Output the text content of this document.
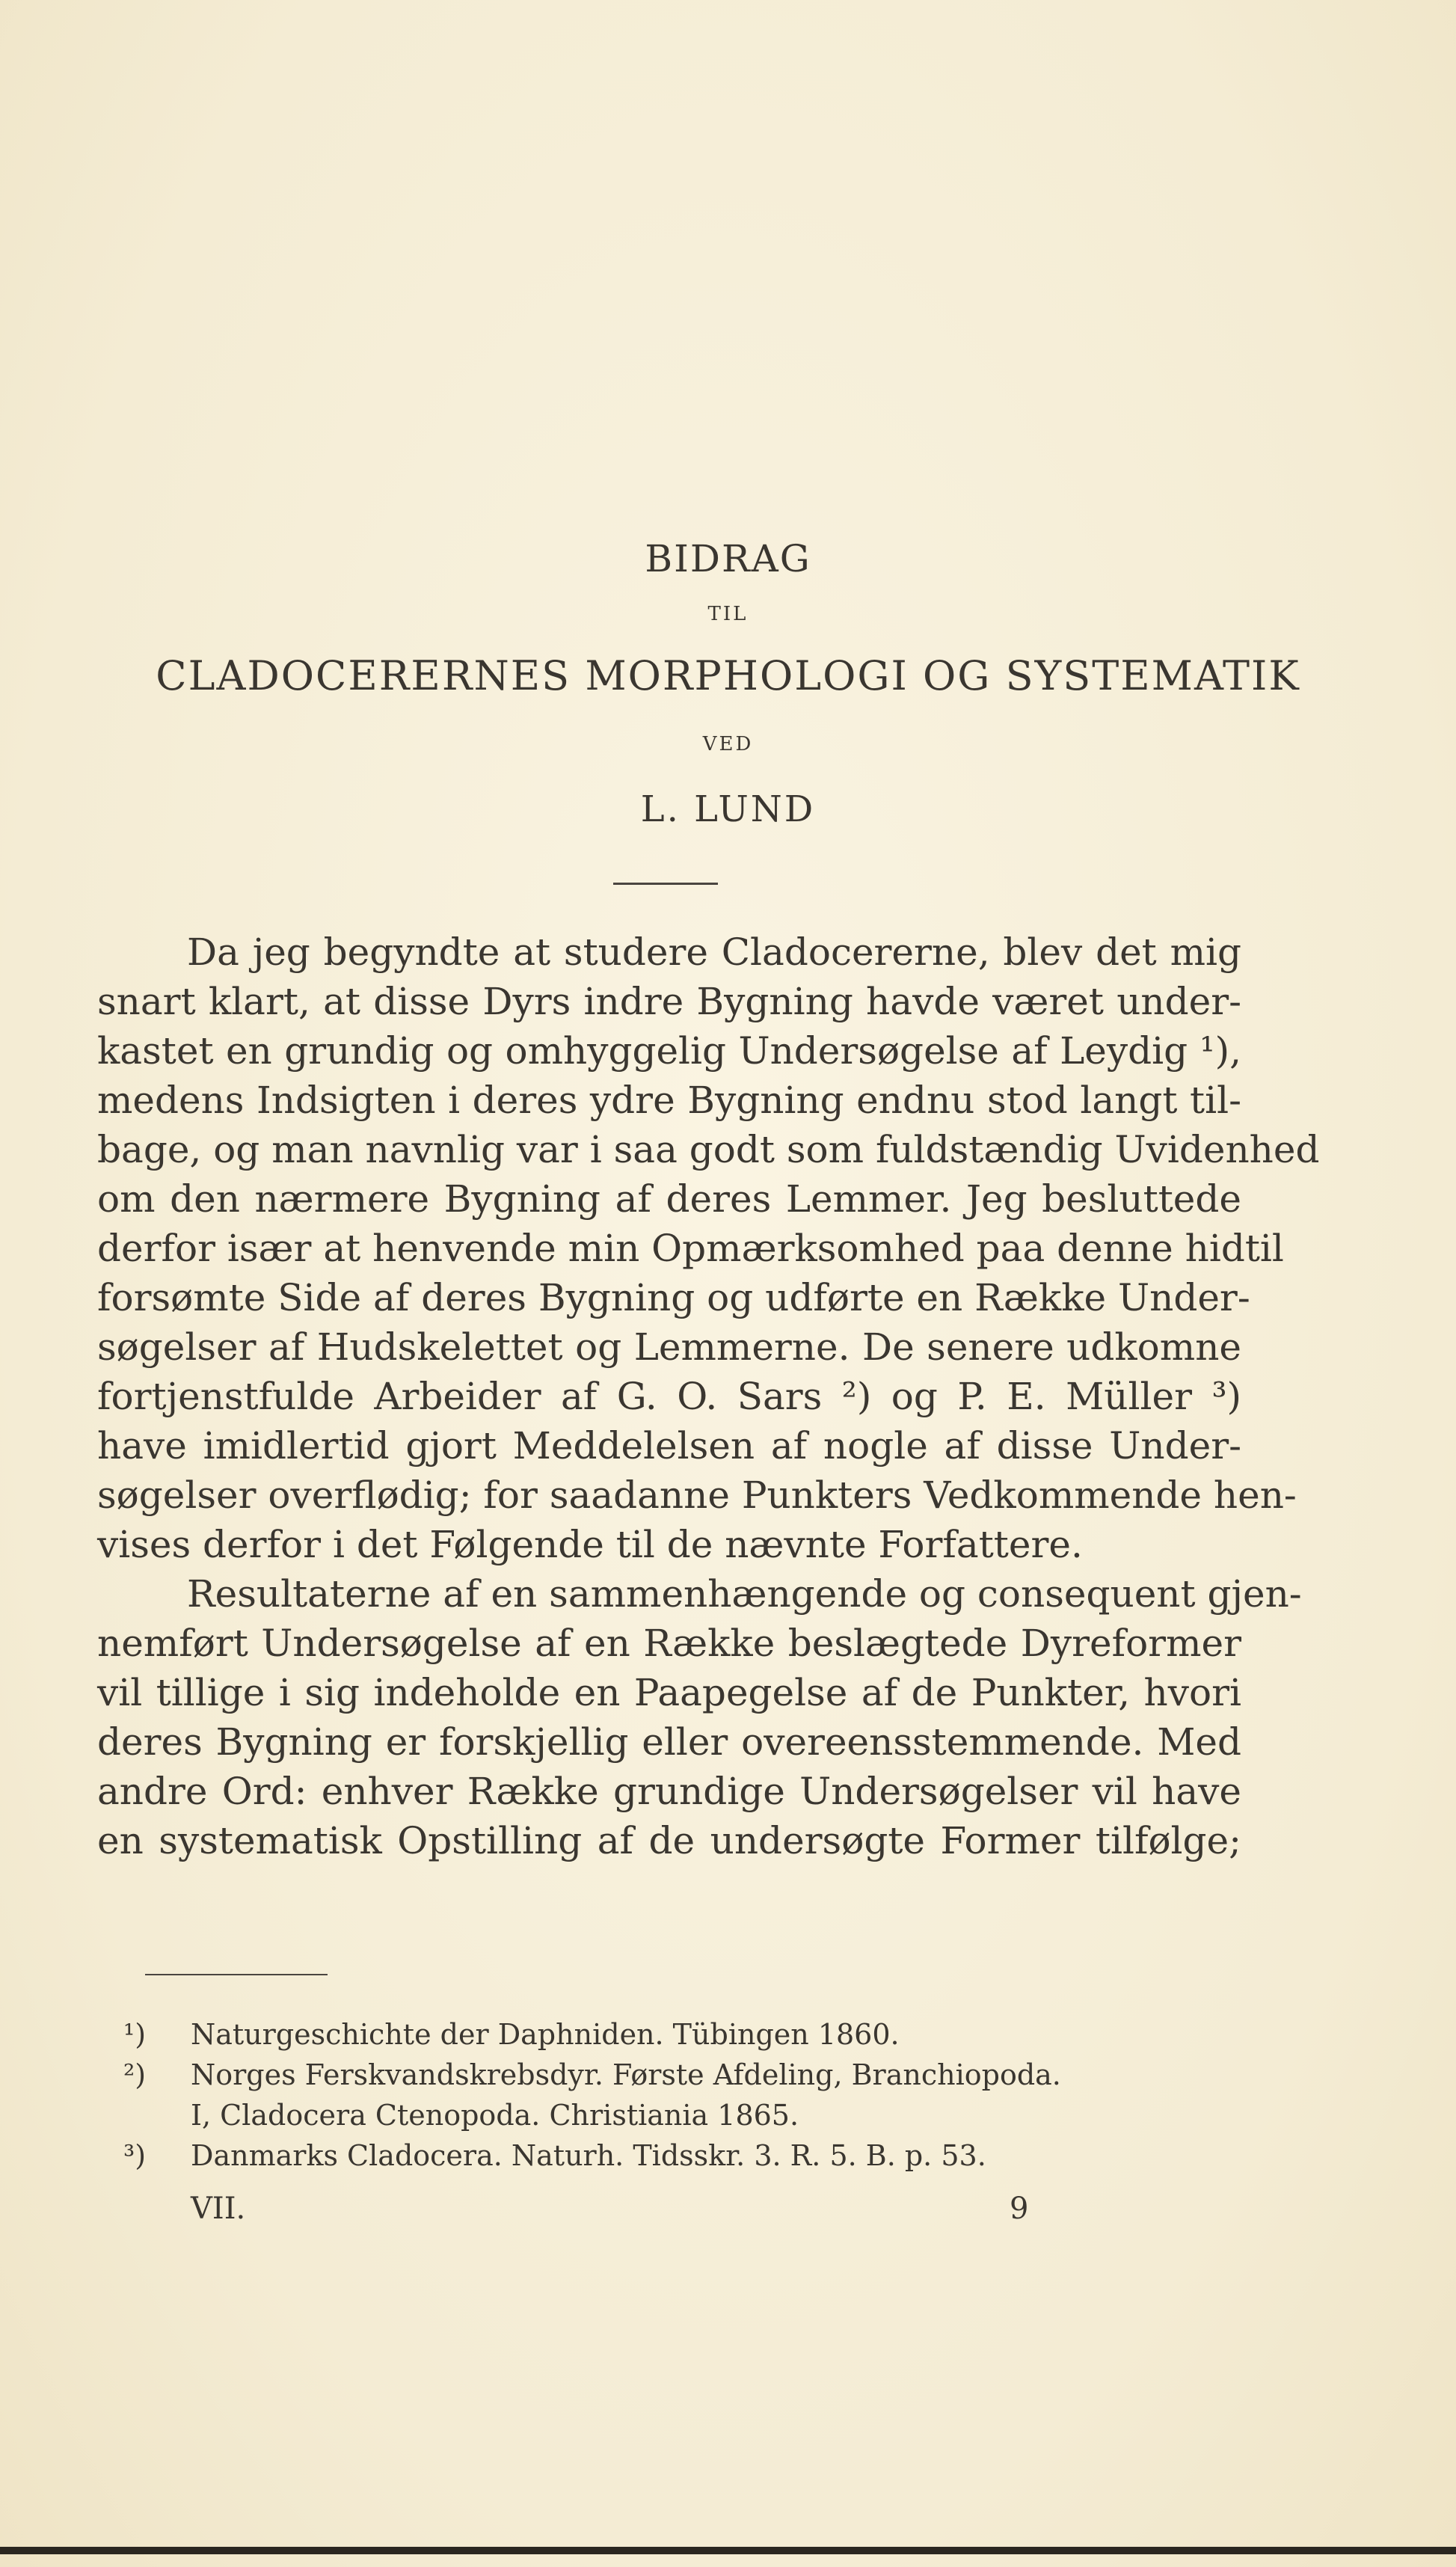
BIDRAG
TIL
CLADOCERERNES MORPHOLOGI OG SYSTEMATIK
VED
L. LUND
Da jeg begyndte at studere Cladocererne, blev det mig
snart klart, at disse Dyrs indre Bygning havde været under-
kastet en grundig og omhyggelig Undersøgelse af Leydig ¹),
medens Indsigten i deres ydre Bygning endnu stod langt til-
bage, og man navnlig var i saa godt som fuldstændig Uvidenhed
om den nærmere Bygning af deres Lemmer. Jeg besluttede
derfor især at henvende min Opmærksomhed paa denne hidtil
forsømte Side af deres Bygning og udførte en Række Under-
søgelser af Hudskelettet og Lemmerne. De senere udkomne
fortjenstfulde Arbeider af G. O. Sars ²) og P. E. Müller ³)
have imidlertid gjort Meddelelsen af nogle af disse Under-
søgelser overflødig; for saadanne Punkters Vedkommende hen-
vises derfor i det Følgende til de nævnte Forfattere.
Resultaterne af en sammenhængende og consequent gjen-
nemført Undersøgelse af en Række beslægtede Dyreformer
vil tillige i sig indeholde en Paapegelse af de Punkter, hvori
deres Bygning er forskjellig eller overeensstemmende. Med
andre Ord: enhver Række grundige Undersøgelser vil have
en systematisk Opstilling af de undersøgte Former tilfølge;
¹) Naturgeschichte der Daphniden. Tübingen 1860.
²) Norges Ferskvandskrebsdyr. Første Afdeling, Branchiopoda.
I, Cladocera Ctenopoda. Christiania 1865.
³) Danmarks Cladocera. Naturh. Tidsskr. 3. R. 5. B. p. 53.
VII.	9
